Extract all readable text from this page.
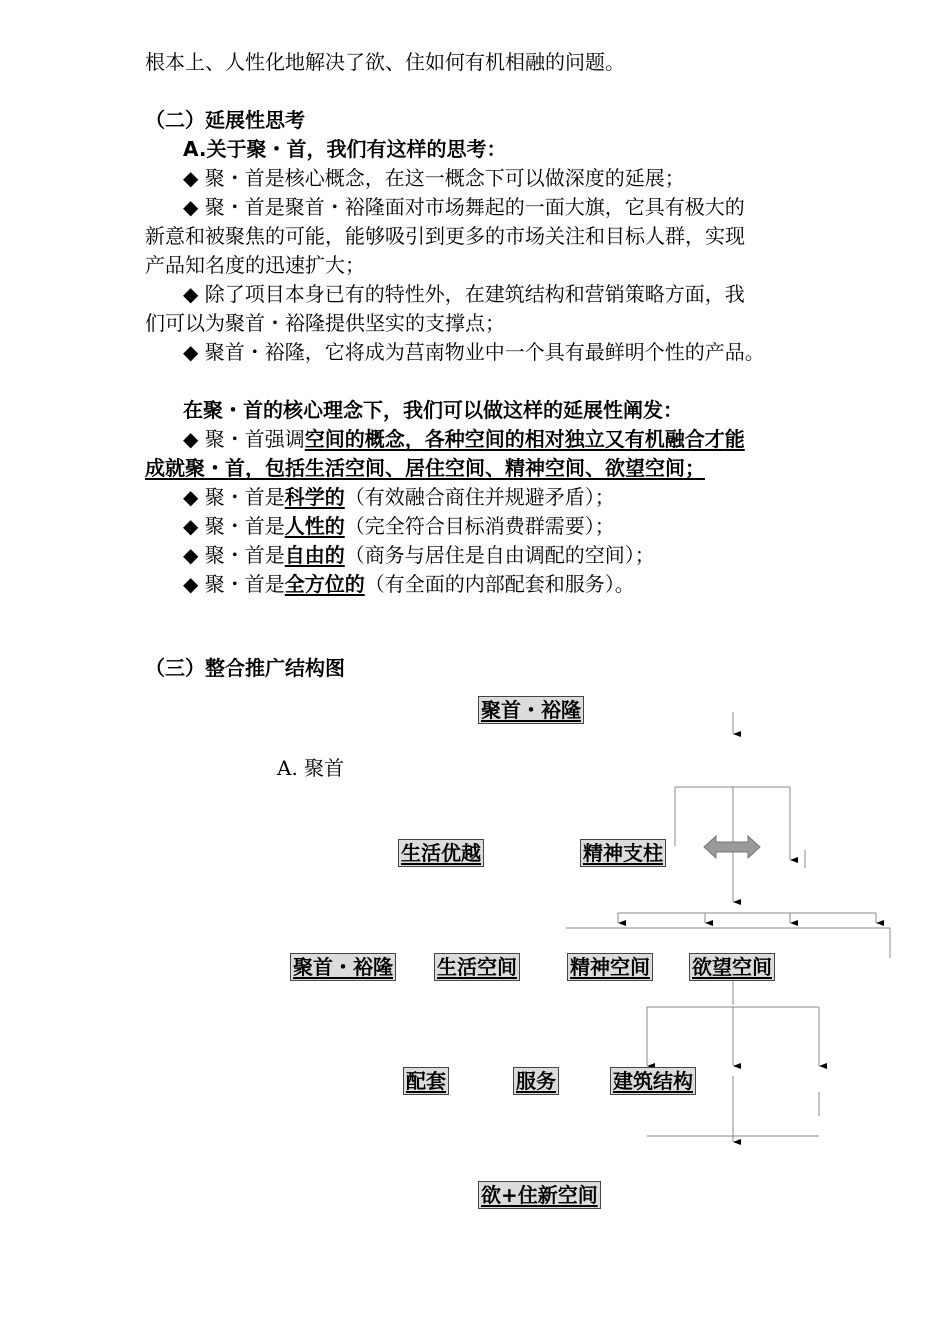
根本上、人性化地解决了欲、住如何有机相融的问题。
（二）延展性思考
A.关于聚・首，我们有这样的思考：
◆ 聚・首是核心概念，在这一概念下可以做深度的延展；
◆ 聚・首是聚首・裕隆面对市场舞起的一面大旗，它具有极大的
新意和被聚焦的可能，能够吸引到更多的市场关注和目标人群，实现
产品知名度的迅速扩大；
◆ 除了项目本身已有的特性外，在建筑结构和营销策略方面，我
们可以为聚首・裕隆提供坚实的支撑点；
◆ 聚首・裕隆，它将成为莒南物业中一个具有最鲜明个性的产品。
在聚・首的核心理念下，我们可以做这样的延展性阐发：
◆ 聚・首强调空间的概念，各种空间的相对独立又有机融合才能
成就聚・首，包括生活空间、居住空间、精神空间、欲望空间；
◆ 聚・首是科学的（有效融合商住并规避矛盾）；
◆ 聚・首是人性的（完全符合目标消费群需要）；
◆ 聚・首是自由的（商务与居住是自由调配的空间）；
◆ 聚・首是全方位的（有全面的内部配套和服务）。
（三）整合推广结构图
聚首・裕隆
A. 聚首
生活优越	精神支柱
聚首・裕隆 生活空间	精神空间 欲望空间
配套	服务	建筑结构
欲+住新空间
